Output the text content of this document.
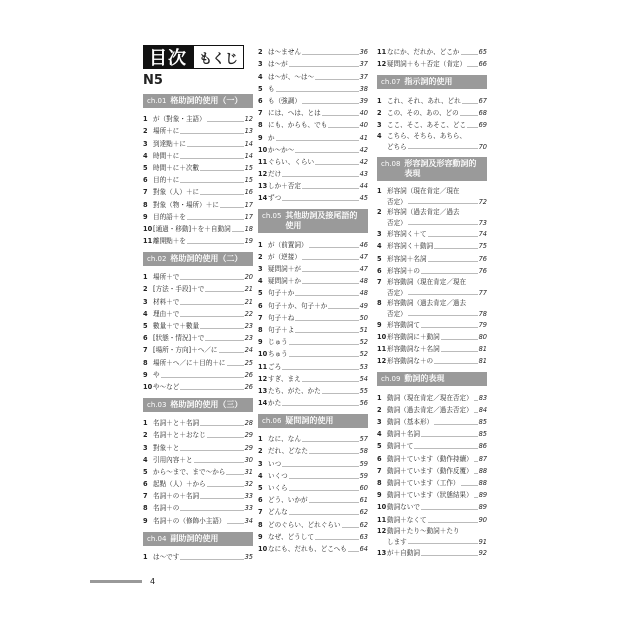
目次 もくじ
N5
ch.01 格助詞的使用（一）
1 が（對象・主語）	12
2 場所＋に	13
3 到達點＋に	14
4 時間＋に	14
5 時間＋に＋次數	15
6 目的＋に	15
7 對象（人）＋に	16
8 對象（物・場所）＋に	17
9 目的語＋を	17
10 [通過・移動]＋を＋自動詞 18
11 離開點＋を	19
ch.02 格助詞的使用（二）
1 場所＋で	20
2 [方法・手段]＋で	21
3 材料＋で	21
4 理由＋で	22
5 數量＋で＋數量	23
6 [狀態・情況]＋で	23
7 [場所・方向]＋へ／に	24
8 場所＋へ／に＋目的＋に	25
9 や	26
10 や～など	26
ch.03 格助詞的使用（三）
1 名詞＋と＋名詞	28
2 名詞＋と＋おなじ	29
3 對象＋と	29
4 引用內容＋と	30
5 から～まで、まで～から	31
6 起點（人）＋から	32
7 名詞＋の＋名詞	33
8 名詞＋の	33
9 名詞＋の（修飾小主語）	34
ch.04 副助詞的使用
1 は～です	35
2 は～ません	36
3 は～が	37
4 は～が、～は～	37
5 も	38
6 も（強調）	39
7 には、へは、とは	40
8 にも、からも、でも	40
9 か	41
10 か～か～	42
11 ぐらい、くらい	42
12 だけ	43
13 しか＋否定	44
14 ずつ	45
ch.05 其他助詞及接尾語的使用
1 が（前置詞）	46
2 が（逆接）	47
3 疑問詞＋が	47
4 疑問詞＋か	48
5 句子＋か	48
6 句子＋か、句子＋か	49
7 句子＋ね	50
8 句子＋よ	51
9 じゅう	52
10 ちゅう	52
11 ごろ	53
12 すぎ、まえ	54
13 たち、がた、かた	55
14 かた	56
ch.06 疑問詞的使用
1 なに、なん	57
2 だれ、どなた	58
3 いつ	59
4 いくつ	59
5 いくら	60
6 どう、いかが	61
7 どんな	62
8 どのぐらい、どれぐらい	62
9 なぜ、どうして	63
10 なにも、だれも、どこへも 64
11 なにか、だれか、どこか	65
12 疑問詞＋も＋否定（肯定） 66
ch.07 指示詞的使用
1 これ、それ、あれ、どれ	67
2 この、その、あの、どの	68
3 ここ、そこ、あそこ、どこ 69
4 こちら、そちら、あちら、
どちら	70
ch.08 形容詞及形容動詞的表現
1 形容詞（現在肯定／現在
否定）	72
2 形容詞（過去肯定／過去
否定）	73
3 形容詞く＋て	74
4 形容詞く＋動詞	75
5 形容詞＋名詞	76
6 形容詞＋の	76
7 形容動詞（現在肯定／現在
否定）	77
8 形容動詞（過去肯定／過去
否定）	78
9 形容動詞て	79
10 形容動詞に＋動詞	80
11 形容動詞な＋名詞	81
12 形容動詞な＋の	81
ch.09 動詞的表現
1 動詞（現在肯定／現在否定） 83
2 動詞（過去肯定／過去否定） 84
3 動詞（基本形）	85
4 動詞＋名詞	85
5 動詞＋て	86
6 動詞＋ています（動作持續） 87
7 動詞＋ています（動作反覆） 88
8 動詞＋ています（工作）	88
9 動詞＋ています（狀態結果） 89
10 動詞ないで	89
11 動詞＋なくて	90
12 動詞＋たり～動詞＋たり
します	91
13 が＋自動詞	92
4
